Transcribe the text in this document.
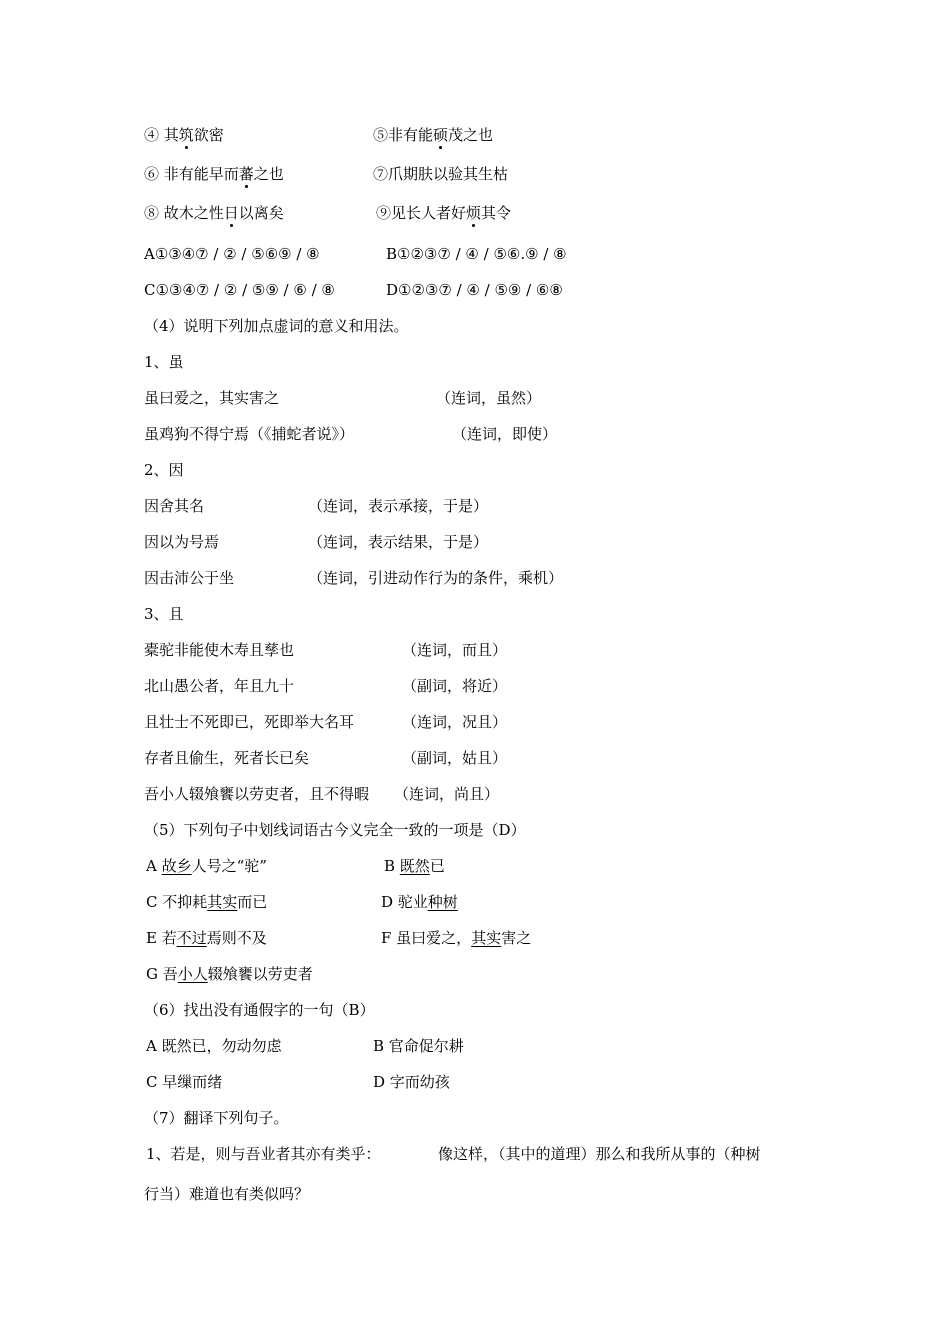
④ 其筑欲密	⑤非有能硕茂之也
⑥ 非有能早而蕃之也	⑦爪期肤以验其生枯
⑧ 故木之性日以离矣	⑨见长人者好烦其令
A①③④⑦ / ② / ⑤⑥⑨ / ⑧	B①②③⑦ / ④ / ⑤⑥.⑨ / ⑧
C①③④⑦ / ② / ⑤⑨ / ⑥ / ⑧	D①②③⑦ / ④ / ⑤⑨ / ⑥⑧
（4）说明下列加点虚词的意义和用法。
1、虽
虽曰爱之，其实害之	（连词，虽然）
虽鸡狗不得宁焉（《捕蛇者说》）	（连词，即使）
2、因
因舍其名	（连词，表示承接，于是）
因以为号焉	（连词，表示结果，于是）
因击沛公于坐	（连词，引进动作行为的条件，乘机）
3、且
橐驼非能使木寿且孳也	（连词，而且）
北山愚公者，年且九十	（副词，将近）
且壮士不死即已，死即举大名耳	（连词，况且）
存者且偷生，死者长已矣	（副词，姑且）
吾小人辍飧饔以劳吏者，且不得暇 （连词，尚且）
（5）下列句子中划线词语古今义完全一致的一项是（D）
A 故乡人号之“驼”	B 既然已
C 不抑耗其实而已	D 驼业种树
E 若不过焉则不及	F 虽曰爱之，其实害之
G 吾小人辍飧饔以劳吏者
（6）找出没有通假字的一句（B）
A 既然已，勿动勿虑	B 官命促尔耕
C 早缫而绪	D 字而幼孩
（7）翻译下列句子。
1、若是，则与吾业者其亦有类乎：	像这样，（其中的道理）那么和我所从事的（种树
行当）难道也有类似吗？
